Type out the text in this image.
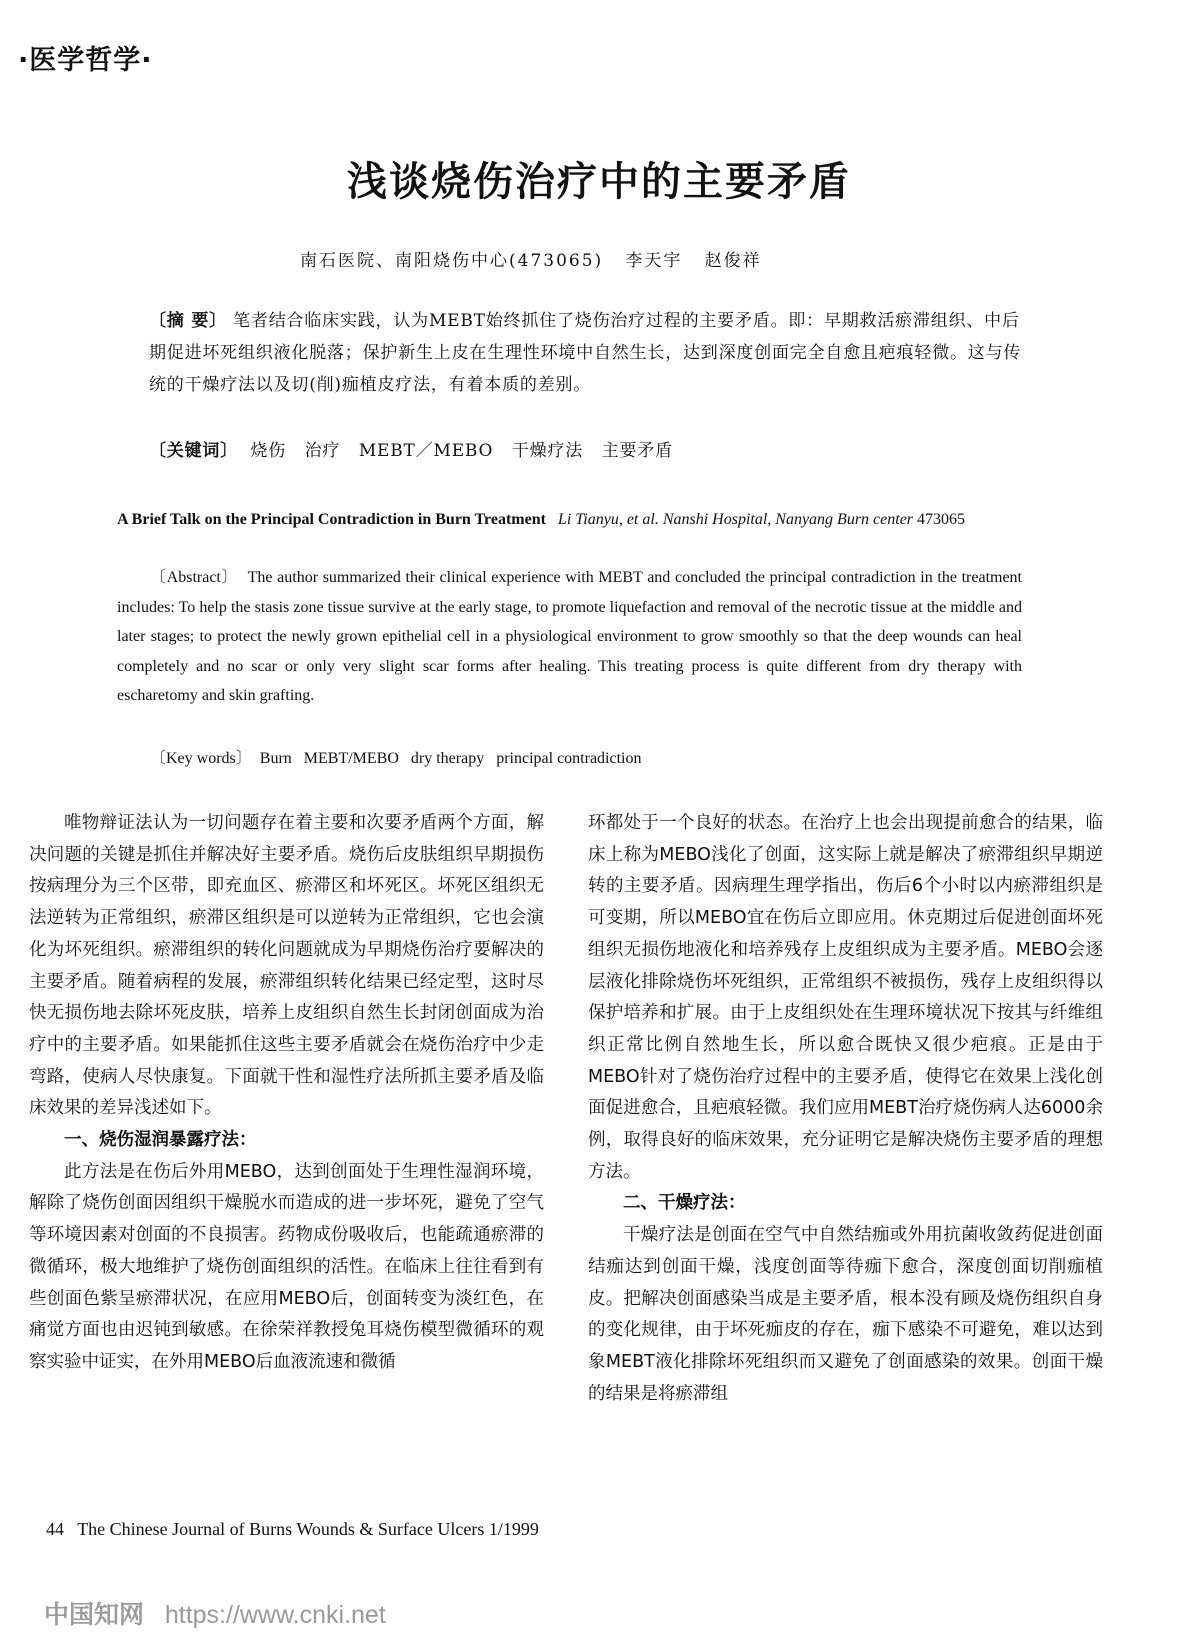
·医学哲学·
浅谈烧伤治疗中的主要矛盾
南石医院、南阳烧伤中心(473065)   李天宇   赵俊祥
〔摘 要〕 笔者结合临床实践，认为MEBT始终抓住了烧伤治疗过程的主要矛盾。即：早期救活瘀滞组织、中后期促进坏死组织液化脱落；保护新生上皮在生理性环境中自然生长，达到深度创面完全自愈且疤痕轻微。这与传统的干燥疗法以及切(削)痂植皮疗法，有着本质的差别。
〔关键词〕 烧伤   治疗   MEBT／MEBO   干燥疗法   主要矛盾
A Brief Talk on the Principal Contradiction in Burn Treatment Li Tianyu, et al. Nanshi Hospital, Nanyang Burn center 473065
〔Abstract〕 The author summarized their clinical experience with MEBT and concluded the principal contradiction in the treatment includes: To help the stasis zone tissue survive at the early stage, to promote liquefaction and removal of the necrotic tissue at the middle and later stages; to protect the newly grown epithelial cell in a physiological environment to grow smoothly so that the deep wounds can heal completely and no scar or only very slight scar forms after healing. This treating process is quite different from dry therapy with escharetomy and skin grafting.
〔Key words〕 Burn   MEBT/MEBO   dry therapy   principal contradiction

唯物辩证法认为一切问题存在着主要和次要矛盾两个方面，解决问题的关键是抓住并解决好主要矛盾。烧伤后皮肤组织早期损伤按病理分为三个区带，即充血区、瘀滞区和坏死区。坏死区组织无法逆转为正常组织，瘀滞区组织是可以逆转为正常组织，它也会演化为坏死组织。瘀滞组织的转化问题就成为早期烧伤治疗要解决的主要矛盾。随着病程的发展，瘀滞组织转化结果已经定型，这时尽快无损伤地去除坏死皮肤，培养上皮组织自然生长封闭创面成为治疗中的主要矛盾。如果能抓住这些主要矛盾就会在烧伤治疗中少走弯路，使病人尽快康复。下面就干性和湿性疗法所抓主要矛盾及临床效果的差异浅述如下。

一、烧伤湿润暴露疗法：

此方法是在伤后外用MEBO，达到创面处于生理性湿润环境，解除了烧伤创面因组织干燥脱水而造成的进一步坏死，避免了空气等环境因素对创面的不良损害。药物成份吸收后，也能疏通瘀滞的微循环，极大地维护了烧伤创面组织的活性。在临床上往往看到有些创面色紫呈瘀滞状况，在应用MEBO后，创面转变为淡红色，在痛觉方面也由迟钝到敏感。在徐荣祥教授兔耳烧伤模型微循环的观察实验中证实，在外用MEBO后血液流速和微循

环都处于一个良好的状态。在治疗上也会出现提前愈合的结果，临床上称为MEBO浅化了创面，这实际上就是解决了瘀滞组织早期逆转的主要矛盾。因病理生理学指出，伤后6个小时以内瘀滞组织是可变期，所以MEBO宜在伤后立即应用。休克期过后促进创面坏死组织无损伤地液化和培养残存上皮组织成为主要矛盾。MEBO会逐层液化排除烧伤坏死组织，正常组织不被损伤，残存上皮组织得以保护培养和扩展。由于上皮组织处在生理环境状况下按其与纤维组织正常比例自然地生长，所以愈合既快又很少疤痕。正是由于MEBO针对了烧伤治疗过程中的主要矛盾，使得它在效果上浅化创面促进愈合，且疤痕轻微。我们应用MEBT治疗烧伤病人达6000余例，取得良好的临床效果，充分证明它是解决烧伤主要矛盾的理想方法。

二、干燥疗法：

干燥疗法是创面在空气中自然结痂或外用抗菌收敛药促进创面结痂达到创面干燥，浅度创面等待痂下愈合，深度创面切削痂植皮。把解决创面感染当成是主要矛盾，根本没有顾及烧伤组织自身的变化规律，由于坏死痂皮的存在，痂下感染不可避免，难以达到象MEBT液化排除坏死组织而又避免了创面感染的效果。创面干燥的结果是将瘀滞组

44 The Chinese Journal of Burns Wounds & Surface Ulcers 1/1999
中国知网 https://www.cnki.net
